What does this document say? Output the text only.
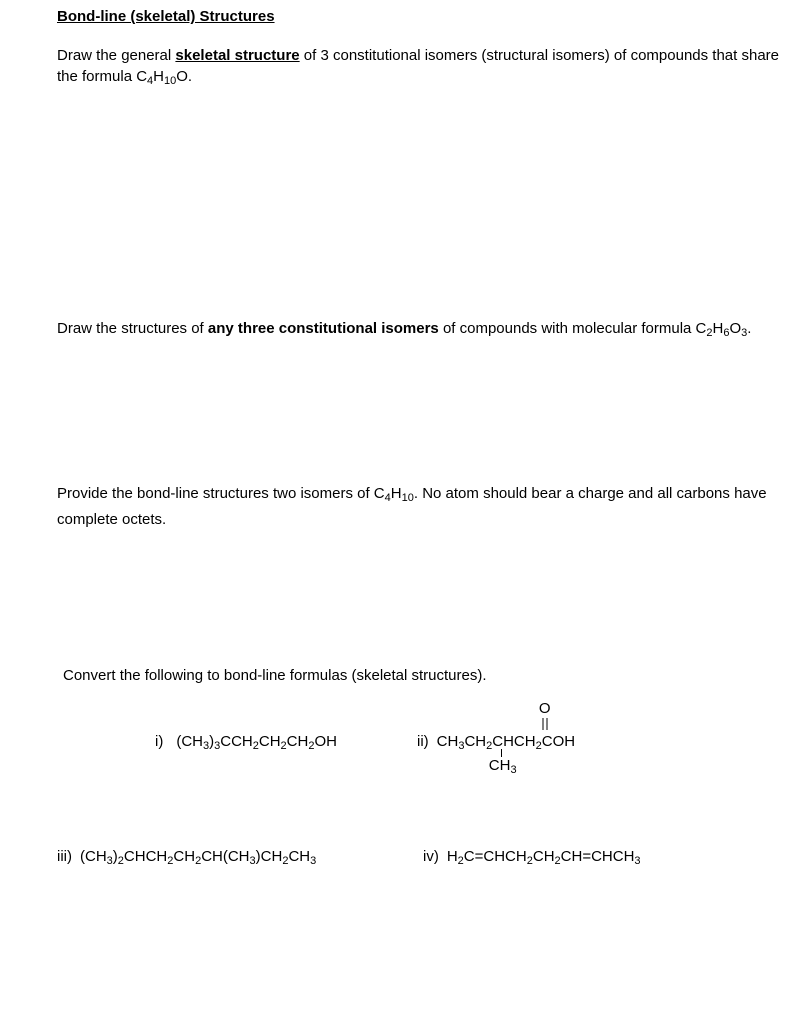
Bond-line (skeletal) Structures

Draw the general skeletal structure of 3 constitutional isomers (structural isomers) of compounds that share the formula $C_4H_{10}O$.

Draw the structures of any three constitutional isomers of compounds with molecular formula $C_2H_6O_3$.

Provide the bond-line structures two isomers of $C_4H_{10}$. No atom should bear a charge and all carbons have complete octets.

Convert the following to bond-line formulas (skeletal structures).

i) $(CH_3)_3CCH_2CH_2CH_2OH$	ii) $CH_3CH_2CHCH_2COH$
O
$CH_3$
iii) $(CH_3)_2CHCH_2CH_2CH(CH_3)CH_2CH_3$	iv) $H_2C=CHCH_2CH_2CH=CHCH_3$
